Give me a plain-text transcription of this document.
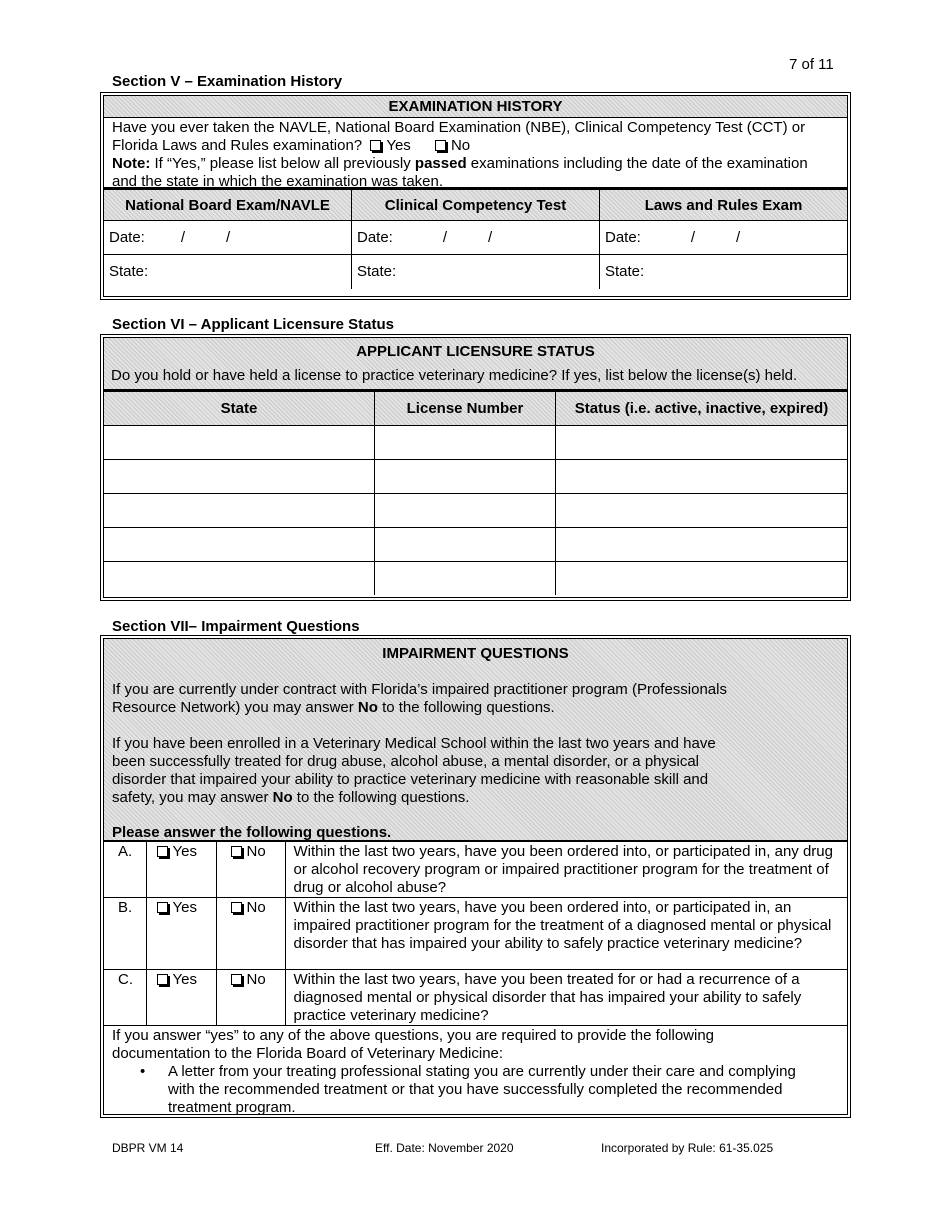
7 of 11
Section V – Examination History
EXAMINATION HISTORY

Have you ever taken the NAVLE, National Board Examination (NBE), Clinical Competency Test (CCT) or

Florida Laws and Rules examination? Yes	No

Note: If “Yes,” please list below all previously passed examinations including the date of the examination

and the state in which the examination was taken.

National Board Exam/NAVLE	Clinical Competency Test	Laws and Rules Exam
Date: / /	Date: / /	Date: / /
State:	State:	State:
Section VI – Applicant Licensure Status
APPLICANT LICENSURE STATUS
Do you hold or have held a license to practice veterinary medicine? If yes, list below the license(s) held.
State	License Number	Status (i.e. active, inactive, expired)

Section VII– Impairment Questions
IMPAIRMENT QUESTIONS

If you are currently under contract with Florida’s impaired practitioner program (Professionals

Resource Network) you may answer No to the following questions.

If you have been enrolled in a Veterinary Medical School within the last two years and have

been successfully treated for drug abuse, alcohol abuse, a mental disorder, or a physical

disorder that impaired your ability to practice veterinary medicine with reasonable skill and

safety, you may answer No to the following questions.

Please answer the following questions.

A.	Yes	No	Within the last two years, have you been ordered into, or participated in, any drug or alcohol recovery program or impaired practitioner program for the treatment of drug or alcohol abuse?
B.	Yes	No	Within the last two years, have you been ordered into, or participated in, an impaired practitioner program for the treatment of a diagnosed mental or physical disorder that has impaired your ability to safely practice veterinary medicine?
C.	Yes	No	Within the last two years, have you been treated for or had a recurrence of a diagnosed mental or physical disorder that has impaired your ability to safely practice veterinary medicine?

If you answer “yes” to any of the above questions, you are required to provide the following

documentation to the Florida Board of Veterinary Medicine:

• A letter from your treating professional stating you are currently under their care and complying with the recommended treatment or that you have successfully completed the recommended treatment program.
DBPR VM 14	Eff. Date: November 2020	Incorporated by Rule: 61-35.025
